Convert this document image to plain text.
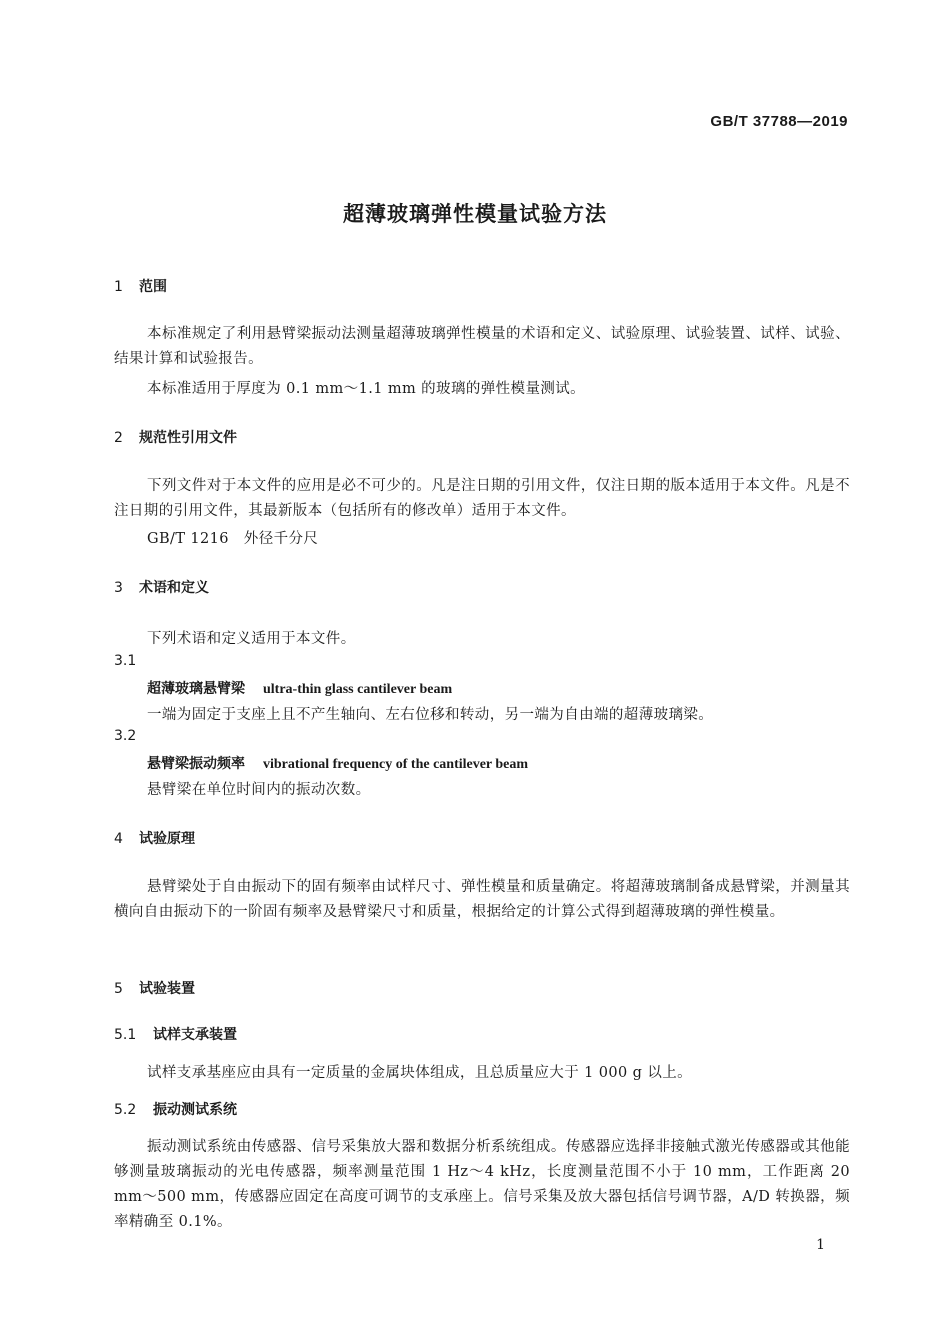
GB/T 37788—2019
超薄玻璃弹性模量试验方法
1 范围
本标准规定了利用悬臂梁振动法测量超薄玻璃弹性模量的术语和定义、试验原理、试验装置、试样、试验、结果计算和试验报告。
本标准适用于厚度为 0.1 mm～1.1 mm 的玻璃的弹性模量测试。
2 规范性引用文件
下列文件对于本文件的应用是必不可少的。凡是注日期的引用文件，仅注日期的版本适用于本文件。凡是不注日期的引用文件，其最新版本（包括所有的修改单）适用于本文件。
GB/T 1216　外径千分尺
3 术语和定义
下列术语和定义适用于本文件。
3.1
超薄玻璃悬臂梁 ultra-thin glass cantilever beam
一端为固定于支座上且不产生轴向、左右位移和转动，另一端为自由端的超薄玻璃梁。
3.2
悬臂梁振动频率 vibrational frequency of the cantilever beam
悬臂梁在单位时间内的振动次数。
4 试验原理
悬臂梁处于自由振动下的固有频率由试样尺寸、弹性模量和质量确定。将超薄玻璃制备成悬臂梁，并测量其横向自由振动下的一阶固有频率及悬臂梁尺寸和质量，根据给定的计算公式得到超薄玻璃的弹性模量。
5 试验装置
5.1 试样支承装置
试样支承基座应由具有一定质量的金属块体组成，且总质量应大于 1 000 g 以上。
5.2 振动测试系统
振动测试系统由传感器、信号采集放大器和数据分析系统组成。传感器应选择非接触式激光传感器或其他能够测量玻璃振动的光电传感器，频率测量范围 1 Hz～4 kHz，长度测量范围不小于 10 mm，工作距离 20 mm～500 mm，传感器应固定在高度可调节的支承座上。信号采集及放大器包括信号调节器，A/D 转换器，频率精确至 0.1%。
1
